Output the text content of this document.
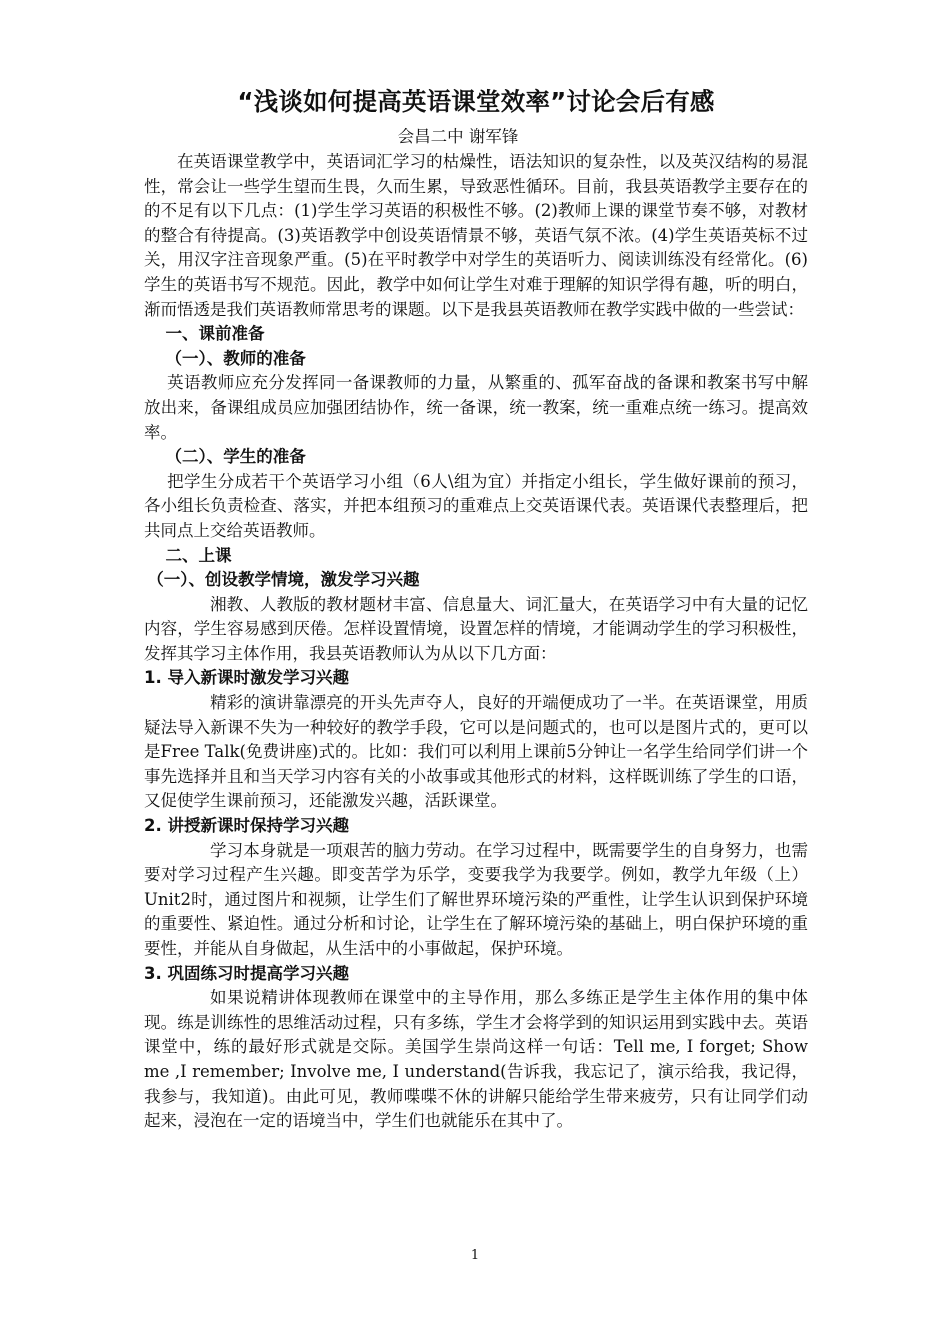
“浅谈如何提高英语课堂效率”讨论会后有感

会昌二中 谢军锋

在英语课堂教学中，英语词汇学习的枯燥性，语法知识的复杂性，以及英汉结构的易混性，常会让一些学生望而生畏，久而生累，导致恶性循环。目前，我县英语教学主要存在的的不足有以下几点：(1)学生学习英语的积极性不够。(2)教师上课的课堂节奏不够，对教材的整合有待提高。(3)英语教学中创设英语情景不够，英语气氛不浓。(4)学生英语英标不过关，用汉字注音现象严重。(5)在平时教学中对学生的英语听力、阅读训练没有经常化。(6)学生的英语书写不规范。因此，教学中如何让学生对难于理解的知识学得有趣，听的明白，渐而悟透是我们英语教师常思考的课题。以下是我县英语教师在教学实践中做的一些尝试：

一、课前准备

（一）、教师的准备

英语教师应充分发挥同一备课教师的力量，从繁重的、孤军奋战的备课和教案书写中解放出来，备课组成员应加强团结协作，统一备课，统一教案，统一重难点统一练习。提高效率。

（二）、学生的准备

把学生分成若干个英语学习小组（6人\组为宜）并指定小组长，学生做好课前的预习，各小组长负责检查、落实，并把本组预习的重难点上交英语课代表。英语课代表整理后，把共同点上交给英语教师。

二、上课

（一）、创设教学情境，激发学习兴趣

湘教、人教版的教材题材丰富、信息量大、词汇量大，在英语学习中有大量的记忆内容，学生容易感到厌倦。怎样设置情境，设置怎样的情境，才能调动学生的学习积极性，发挥其学习主体作用，我县英语教师认为从以下几方面：

1. 导入新课时激发学习兴趣

精彩的演讲靠漂亮的开头先声夺人，良好的开端便成功了一半。在英语课堂，用质疑法导入新课不失为一种较好的教学手段，它可以是问题式的，也可以是图片式的，更可以是Free Talk(免费讲座)式的。比如：我们可以利用上课前5分钟让一名学生给同学们讲一个事先选择并且和当天学习内容有关的小故事或其他形式的材料，这样既训练了学生的口语，又促使学生课前预习，还能激发兴趣，活跃课堂。

2. 讲授新课时保持学习兴趣

学习本身就是一项艰苦的脑力劳动。在学习过程中，既需要学生的自身努力，也需要对学习过程产生兴趣。即变苦学为乐学，变要我学为我要学。例如，教学九年级（上）Unit2时，通过图片和视频，让学生们了解世界环境污染的严重性，让学生认识到保护环境的重要性、紧迫性。通过分析和讨论，让学生在了解环境污染的基础上，明白保护环境的重要性，并能从自身做起，从生活中的小事做起，保护环境。

3. 巩固练习时提高学习兴趣

如果说精讲体现教师在课堂中的主导作用，那么多练正是学生主体作用的集中体现。练是训练性的思维活动过程，只有多练，学生才会将学到的知识运用到实践中去。英语课堂中，练的最好形式就是交际。美国学生崇尚这样一句话：Tell me, I forget; Show me ,I remember; Involve me, I understand(告诉我，我忘记了，演示给我，我记得，我参与，我知道)。由此可见，教师喋喋不休的讲解只能给学生带来疲劳，只有让同学们动起来，浸泡在一定的语境当中，学生们也就能乐在其中了。

1
